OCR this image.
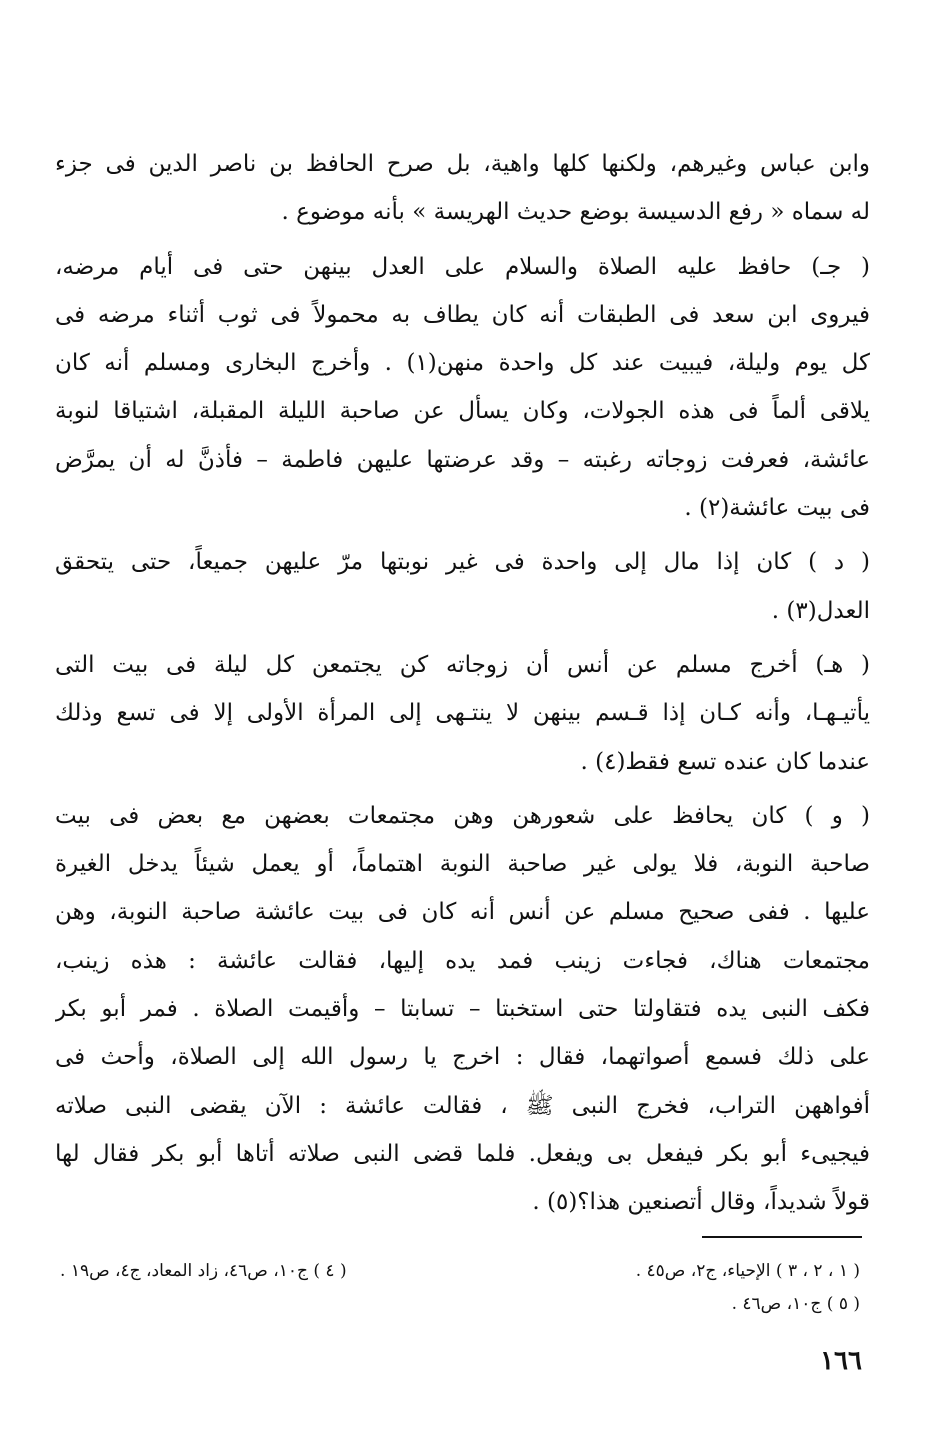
وابن عباس وغيرهم، ولكنها كلها واهية، بل صرح الحافظ بن ناصر الدين فى جزء
له سماه « رفع الدسيسة بوضع حديث الهريسة » بأنه موضوع .
( جـ) حافظ عليه الصلاة والسلام على العدل بينهن حتى فى أيام مرضه،
فيروى ابن سعد فى الطبقات أنه كان يطاف به محمولاً فى ثوب أثناء مرضه فى
كل يوم وليلة، فيبيت عند كل واحدة منهن(١) . وأخرج البخارى ومسلم أنه كان
يلاقى ألماً فى هذه الجولات، وكان يسأل عن صاحبة الليلة المقبلة، اشتياقا لنوبة
عائشة، فعرفت زوجاته رغبته – وقد عرضتها عليهن فاطمة – فأذنَّ له أن يمرَّض
فى بيت عائشة(٢) .
( د ) كان إذا مال إلى واحدة فى غير نوبتها مرّ عليهن جميعاً، حتى يتحقق
العدل(٣) .
( هـ) أخرج مسلم عن أنس أن زوجاته كن يجتمعن كل ليلة فى بيت التى
يأتيـهـا، وأنه كـان إذا قـسم بينهن لا ينتـهى إلى المرأة الأولى إلا فى تسع وذلك
عندما كان عنده تسع فقط(٤) .
( و ) كان يحافظ على شعورهن وهن مجتمعات بعضهن مع بعض فى بيت
صاحبة النوبة، فلا يولى غير صاحبة النوبة اهتماماً، أو يعمل شيئاً يدخل الغيرة
عليها . ففى صحيح مسلم عن أنس أنه كان فى بيت عائشة صاحبة النوبة، وهن
مجتمعات هناك، فجاءت زينب فمد يده إليها، فقالت عائشة : هذه زينب،
فكف النبى يده فتقاولتا حتى استخبتا – تسابتا – وأقيمت الصلاة . فمر أبو بكر
على ذلك فسمع أصواتهما، فقال : اخرج يا رسول الله إلى الصلاة، وأحث فى
أفواههن التراب، فخرج النبى ﷺ ، فقالت عائشة : الآن يقضى النبى صلاته
فيجيىء أبو بكر فيفعل بى ويفعل. فلما قضى النبى صلاته أتاها أبو بكر فقال لها
قولاً شديداً، وقال أتصنعين هذا؟(٥) .
( ١ ، ٢ ، ٣ ) الإحياء، ج٢، ص٤٥ .
( ٤ ) ج١٠، ص٤٦، زاد المعاد، ج٤، ص١٩ .
( ٥ ) ج١٠، ص٤٦ .
١٦٦
